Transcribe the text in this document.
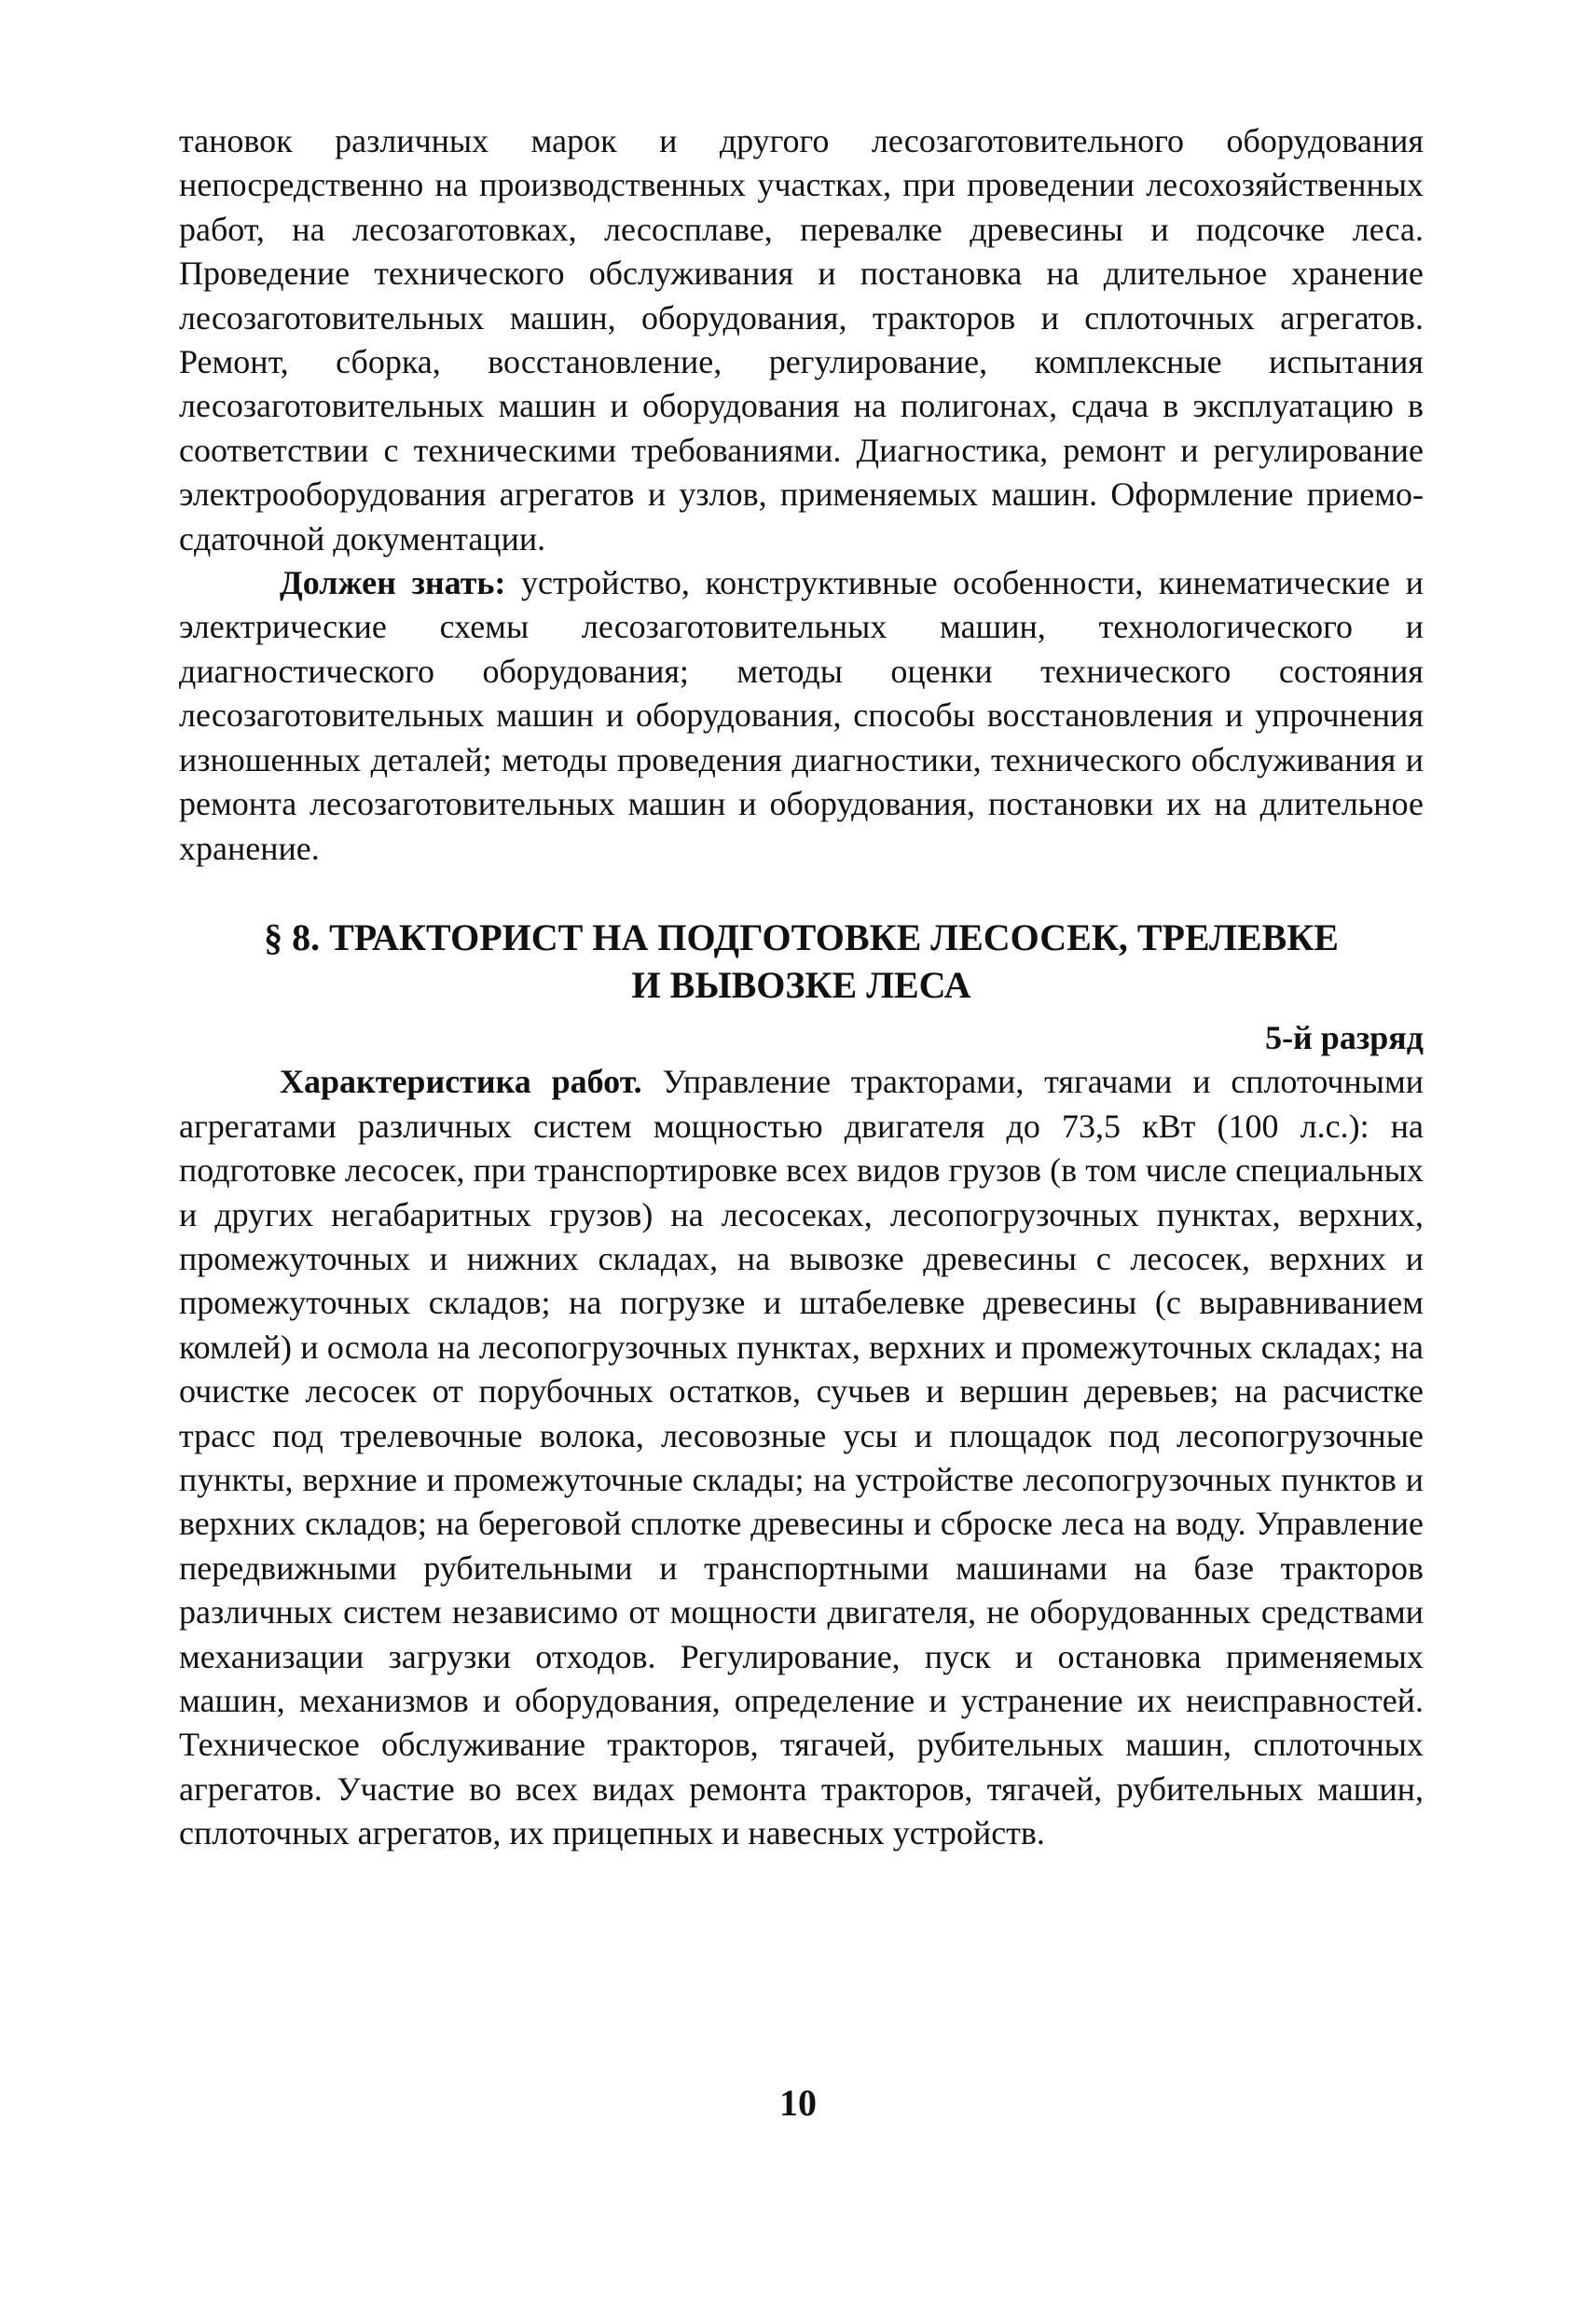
тановок различных марок и другого лесозаготовительного оборудования непосредственно на производственных участках, при проведении лесохозяйственных работ, на лесозаготовках, лесосплаве, перевалке древесины и подсочке леса. Проведение технического обслуживания и постановка на длительное хранение лесозаготовительных машин, оборудования, тракторов и сплоточных агрегатов. Ремонт, сборка, восстановление, регулирование, комплексные испытания лесозаготовительных машин и оборудования на полигонах, сдача в эксплуатацию в соответствии с техническими требованиями. Диагностика, ремонт и регулирование электрооборудования агрегатов и узлов, применяемых машин. Оформление приемо-сдаточной документации.

Должен знать: устройство, конструктивные особенности, кинематические и электрические схемы лесозаготовительных машин, технологического и диагностического оборудования; методы оценки технического состояния лесозаготовительных машин и оборудования, способы восстановления и упрочнения изношенных деталей; методы проведения диагностики, технического обслуживания и ремонта лесозаготовительных машин и оборудования, постановки их на длительное хранение.

§ 8. ТРАКТОРИСТ НА ПОДГОТОВКЕ ЛЕСОСЕК, ТРЕЛЕВКЕ
И ВЫВОЗКЕ ЛЕСА
5-й разряд

Характеристика работ. Управление тракторами, тягачами и сплоточными агрегатами различных систем мощностью двигателя до 73,5 кВт (100 л.с.): на подготовке лесосек, при транспортировке всех видов грузов (в том числе специальных и других негабаритных грузов) на лесосеках, лесопогрузочных пунктах, верхних, промежуточных и нижних складах, на вывозке древесины с лесосек, верхних и промежуточных складов; на погрузке и штабелевке древесины (с выравниванием комлей) и осмола на лесопогрузочных пунктах, верхних и промежуточных складах; на очистке лесосек от порубочных остатков, сучьев и вершин деревьев; на расчистке трасс под трелевочные волока, лесовозные усы и площадок под лесопогрузочные пункты, верхние и промежуточные склады; на устройстве лесопогрузочных пунктов и верхних складов; на береговой сплотке древесины и сброске леса на воду. Управление передвижными рубительными и транспортными машинами на базе тракторов различных систем независимо от мощности двигателя, не оборудованных средствами механизации загрузки отходов. Регулирование, пуск и остановка применяемых машин, механизмов и оборудования, определение и устранение их неисправностей. Техническое обслуживание тракторов, тягачей, рубительных машин, сплоточных агрегатов. Участие во всех видах ремонта тракторов, тягачей, рубительных машин, сплоточных агрегатов, их прицепных и навесных устройств.

10
